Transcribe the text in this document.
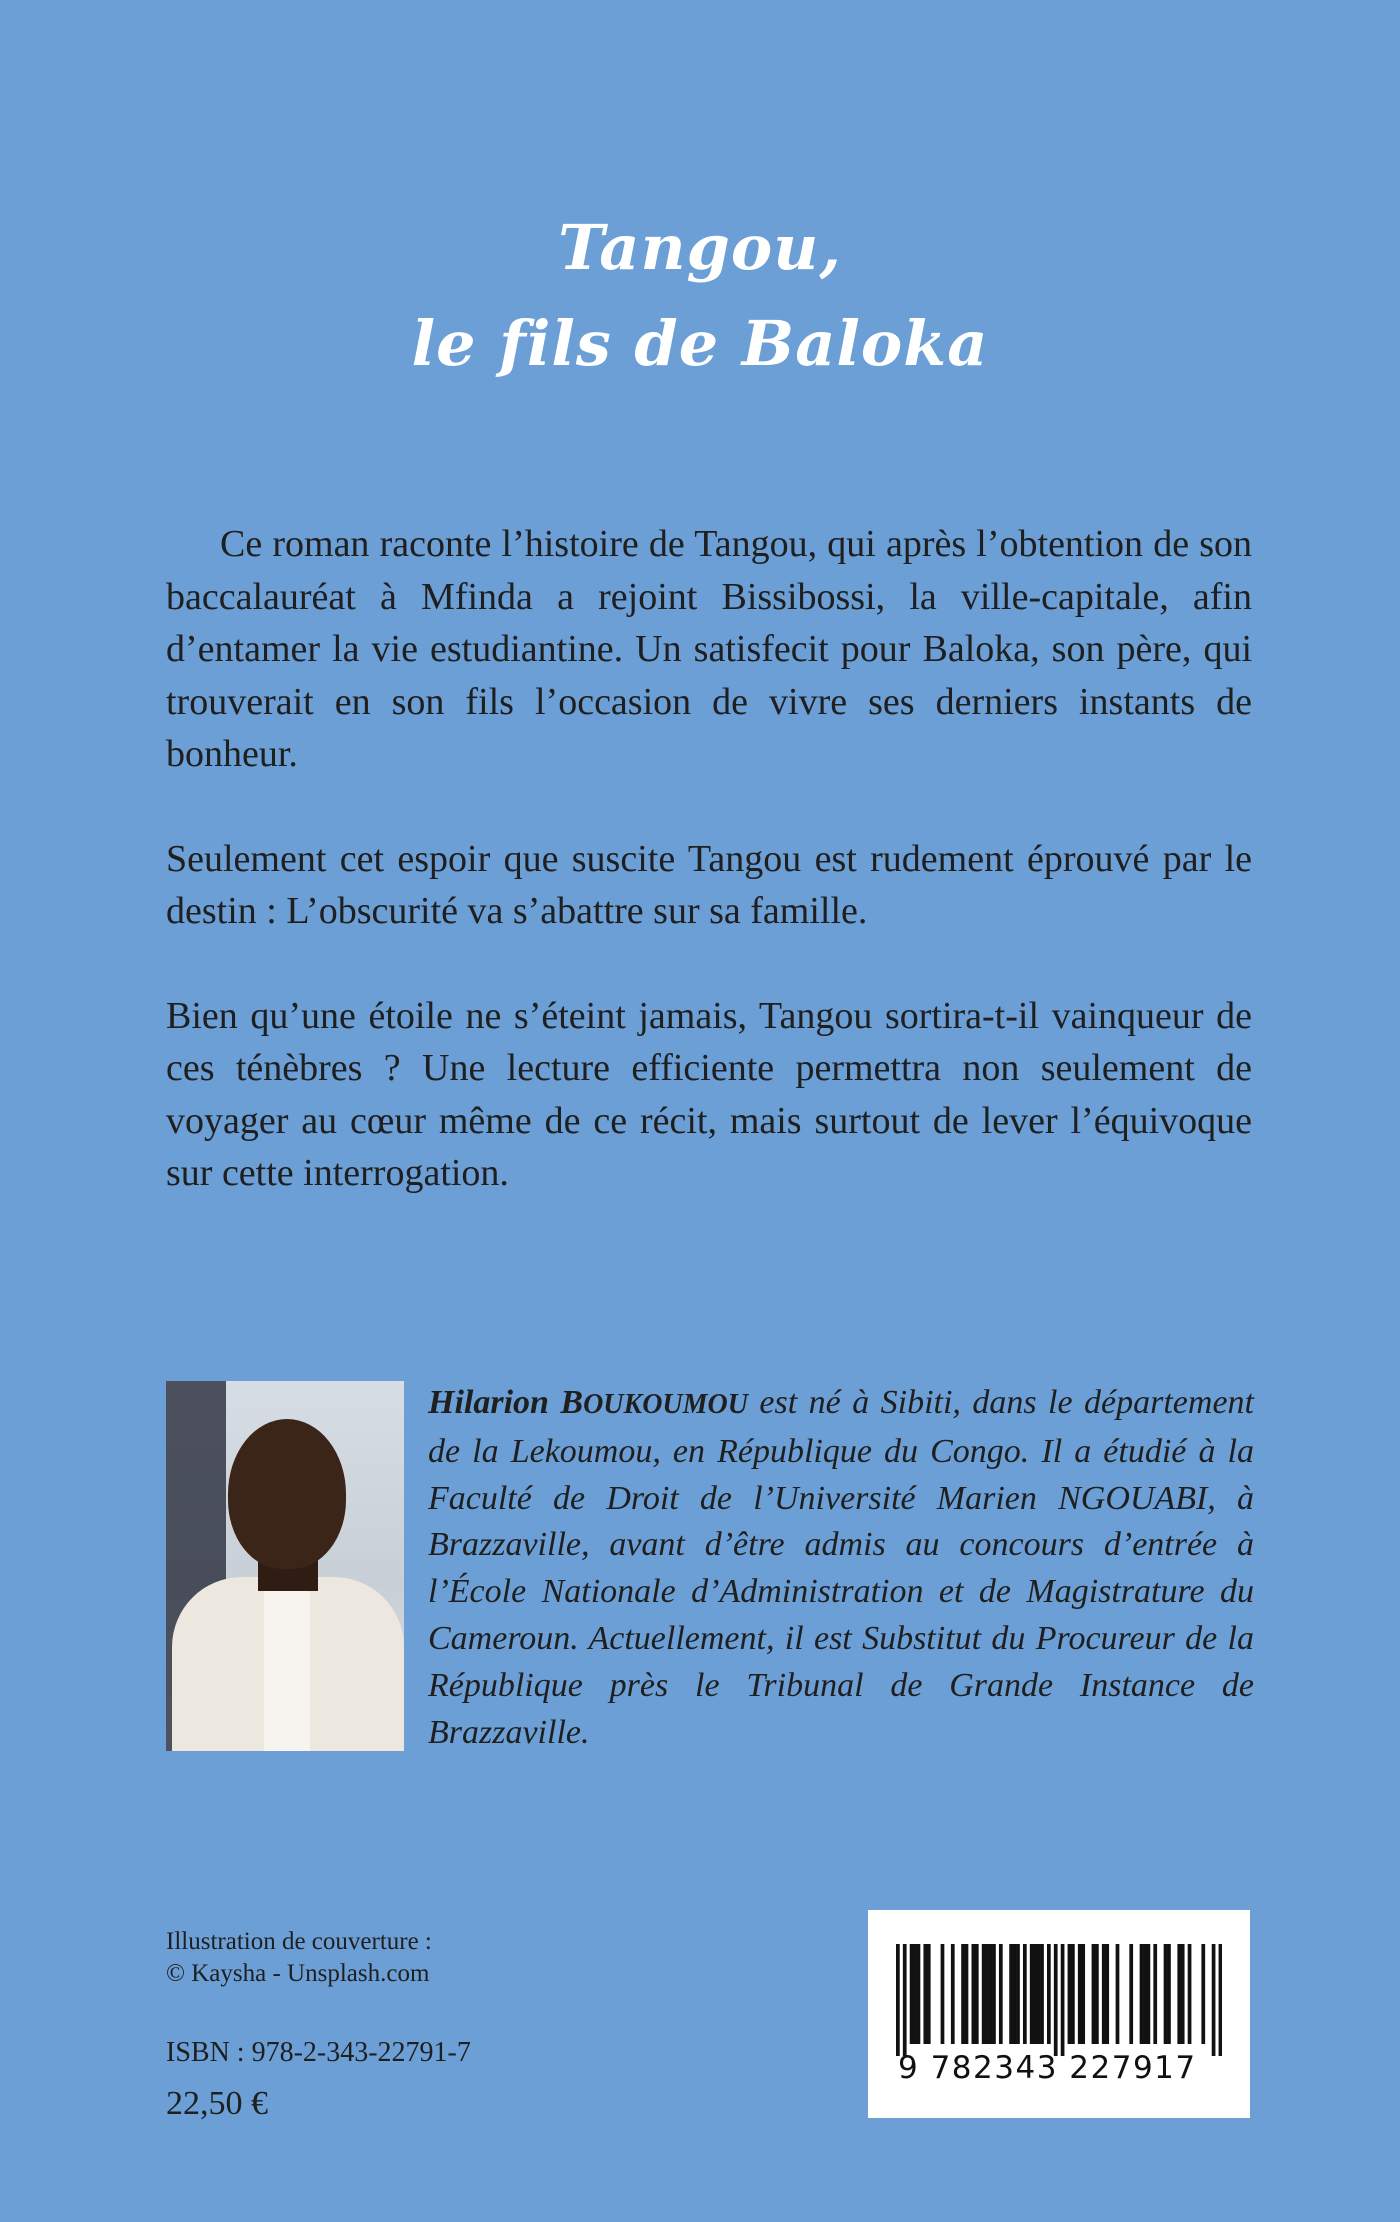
Tangou,
le fils de Baloka

Ce roman raconte l’histoire de Tangou, qui après l’obtention de son baccalauréat à Mfinda a rejoint Bissibossi, la ville-capitale, afin d’entamer la vie estudiantine. Un satisfecit pour Baloka, son père, qui trouverait en son fils l’occasion de vivre ses derniers instants de bonheur.

Seulement cet espoir que suscite Tangou est rudement éprouvé par le destin : L’obscurité va s’abattre sur sa famille.

Bien qu’une étoile ne s’éteint jamais, Tangou sortira-t-il vainqueur de ces ténèbres ? Une lecture efficiente permettra non seulement de voyager au cœur même de ce récit, mais surtout de lever l’équivoque sur cette interrogation.

Hilarion BOUKOUMOU est né à Sibiti, dans le département de la Lekoumou, en République du Congo. Il a étudié à la Faculté de Droit de l’Université Marien NGOUABI, à Brazzaville, avant d’être admis au concours d’entrée à l’École Nationale d’Administration et de Magistrature du Cameroun. Actuellement, il est Substitut du Procureur de la République près le Tribunal de Grande Instance de Brazzaville.
Illustration de couverture :
© Kaysha - Unsplash.com
ISBN : 978-2-343-22791-7
22,50 €
9 782343 227917
